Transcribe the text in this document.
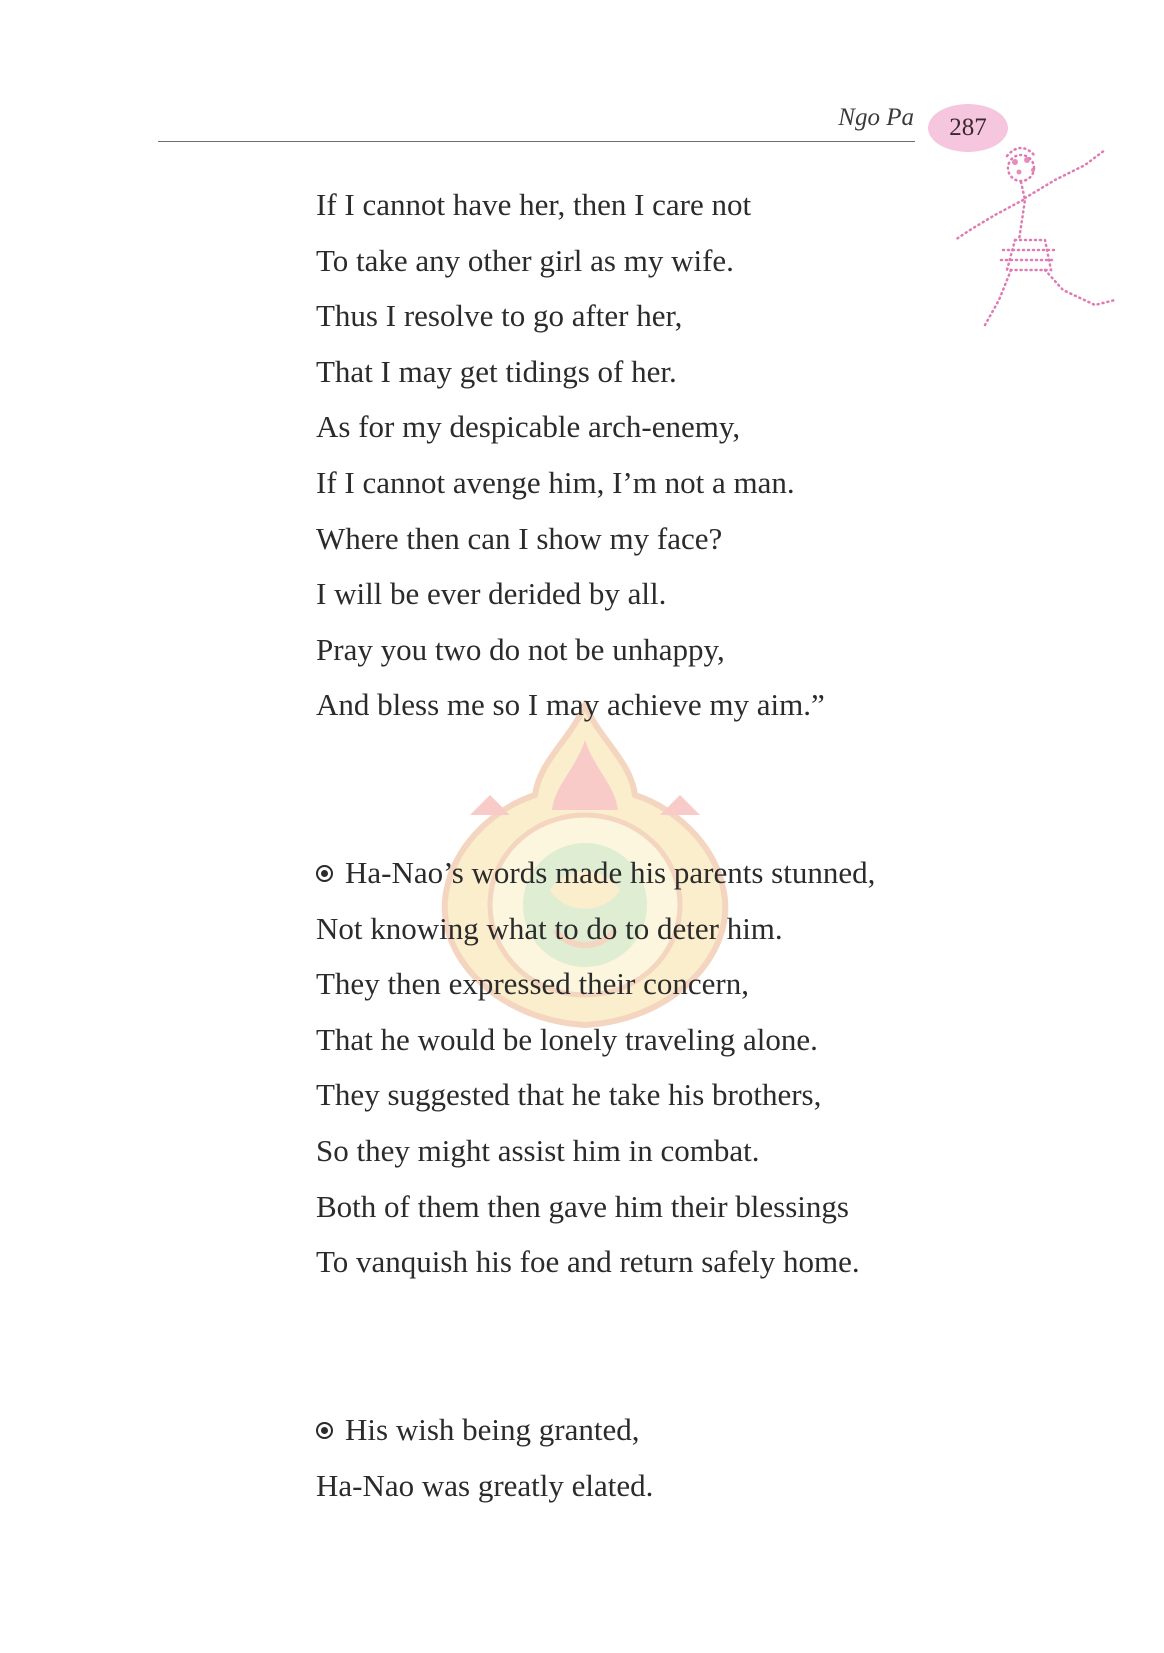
Ngo Pa 287
If I cannot have her, then I care not
To take any other girl as my wife.
Thus I resolve to go after her,
That I may get tidings of her.
As for my despicable arch-enemy,
If I cannot avenge him, I’m not a man.
Where then can I show my face?
I will be ever derided by all.
Pray you two do not be unhappy,
And bless me so I may achieve my aim.”
Ha-Nao’s words made his parents stunned,
Not knowing what to do to deter him.
They then expressed their concern,
That he would be lonely traveling alone.
They suggested that he take his brothers,
So they might assist him in combat.
Both of them then gave him their blessings
To vanquish his foe and return safely home.
His wish being granted,
Ha-Nao was greatly elated.
